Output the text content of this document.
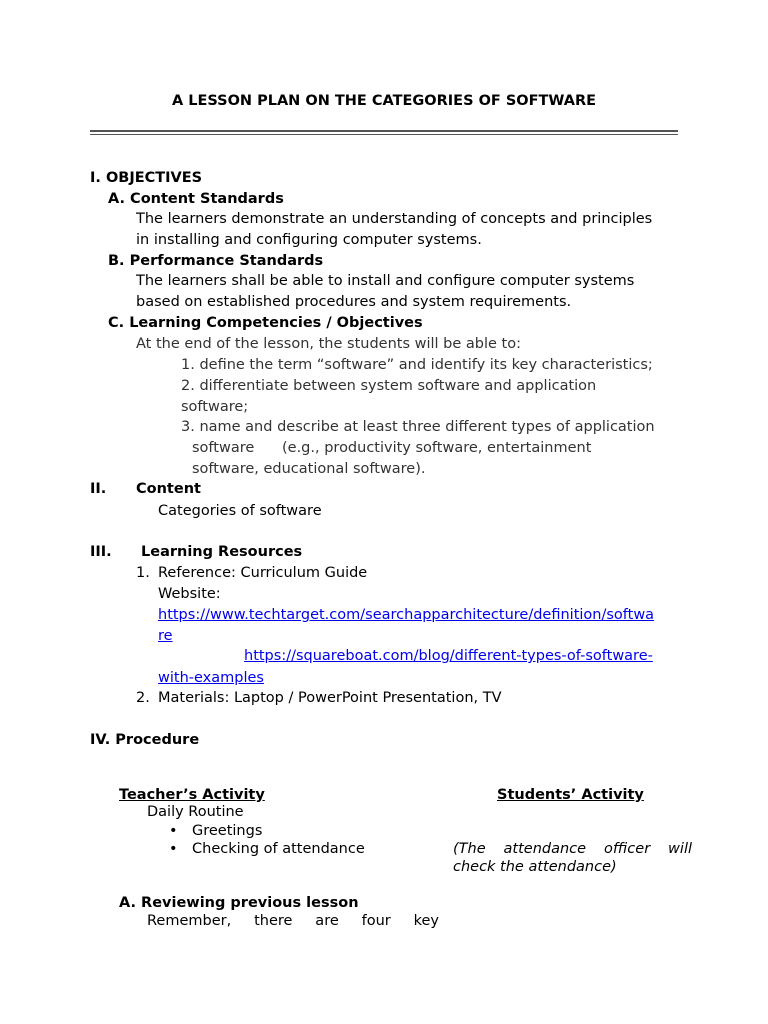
A LESSON PLAN ON THE CATEGORIES OF SOFTWARE
I. OBJECTIVES
A. Content Standards
The learners demonstrate an understanding of concepts and principles
in installing and configuring computer systems.
B. Performance Standards
The learners shall be able to install and configure computer systems
based on established procedures and system requirements.
C. Learning Competencies / Objectives
At the end of the lesson, the students will be able to:
1. define the term “software” and identify its key characteristics;
2. differentiate between system software and application
software;
3. name and describe at least three different types of application
software (e.g., productivity software, entertainment
software, educational software).
II. Content
Categories of software
III. Learning Resources
1. Reference: Curriculum Guide
Website:
https://www.techtarget.com/searchapparchitecture/definition/softwa
re
https://squareboat.com/blog/different-types-of-software-
with-examples
2. Materials: Laptop / PowerPoint Presentation, TV
IV. Procedure
Teacher’s Activity	Students’ Activity
Daily Routine
• Greetings
• Checking of attendance	(The attendance officer will
check the attendance)
A. Reviewing previous lesson
Remember, there are four key
